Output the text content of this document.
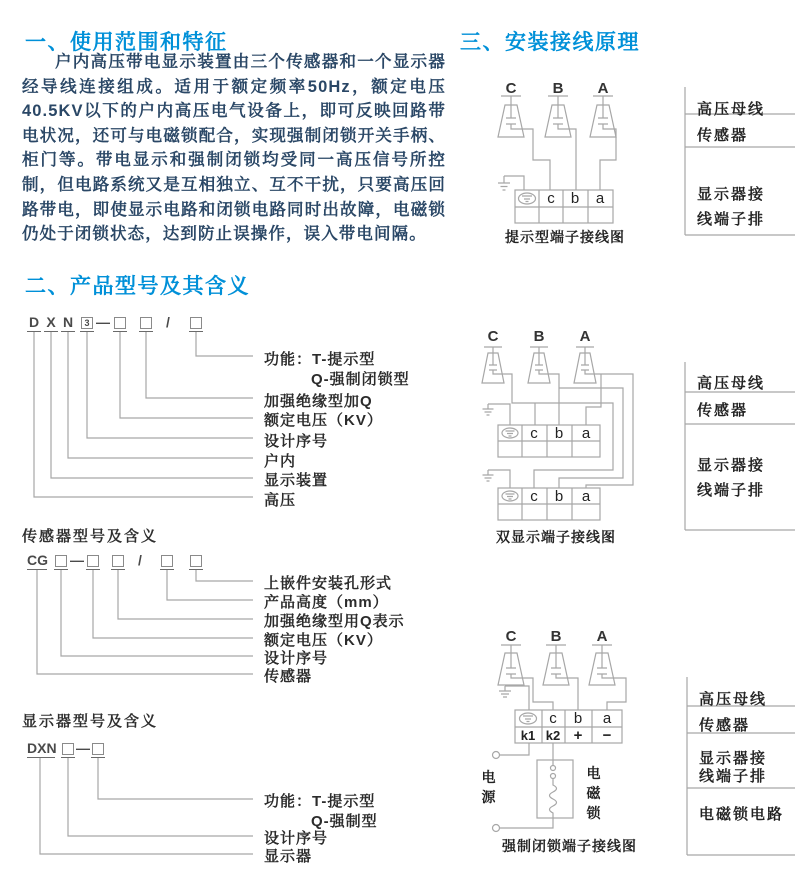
一、使用范围和特征
户内高压带电显示装置由三个传感器和一个显示器经导线连接组成。适用于额定频率50Hz，额定电压40.5KV以下的户内高压电气设备上，即可反映回路带电状况，还可与电磁锁配合，实现强制闭锁开关手柄、柜门等。带电显示和强制闭锁均受同一高压信号所控制，但电路系统又是互相独立、互不干扰，只要高压回路带电，即使显示电路和闭锁电路同时出故障，电磁锁仍处于闭锁状态，达到防止误操作，误入带电间隔。
二、产品型号及其含义
D X N	3 —	/
功能：T-提示型
Q-强制闭锁型
加强绝缘型加Q
额定电压（KV）
设计序号
户内
显示装置
高压
传感器型号及含义
CG —	/
上嵌件安装孔形式
产品高度（mm）
加强绝缘型用Q表示
额定电压（KV）
设计序号
传感器
显示器型号及含义
DXN —
功能：T-提示型
Q-强制型
设计序号
显示器
三、安装接线原理
C B A
c b a
提示型端子接线图
高压母线
传感器
显示器接
线端子排
C B A
c b a
c b a
双显示端子接线图
高压母线
传感器
显示器接
线端子排
C B A
c b a
k1 k2 + −
电源
电磁锁
强制闭锁端子接线图
高压母线
传感器
显示器接
线端子排
电磁锁电路
